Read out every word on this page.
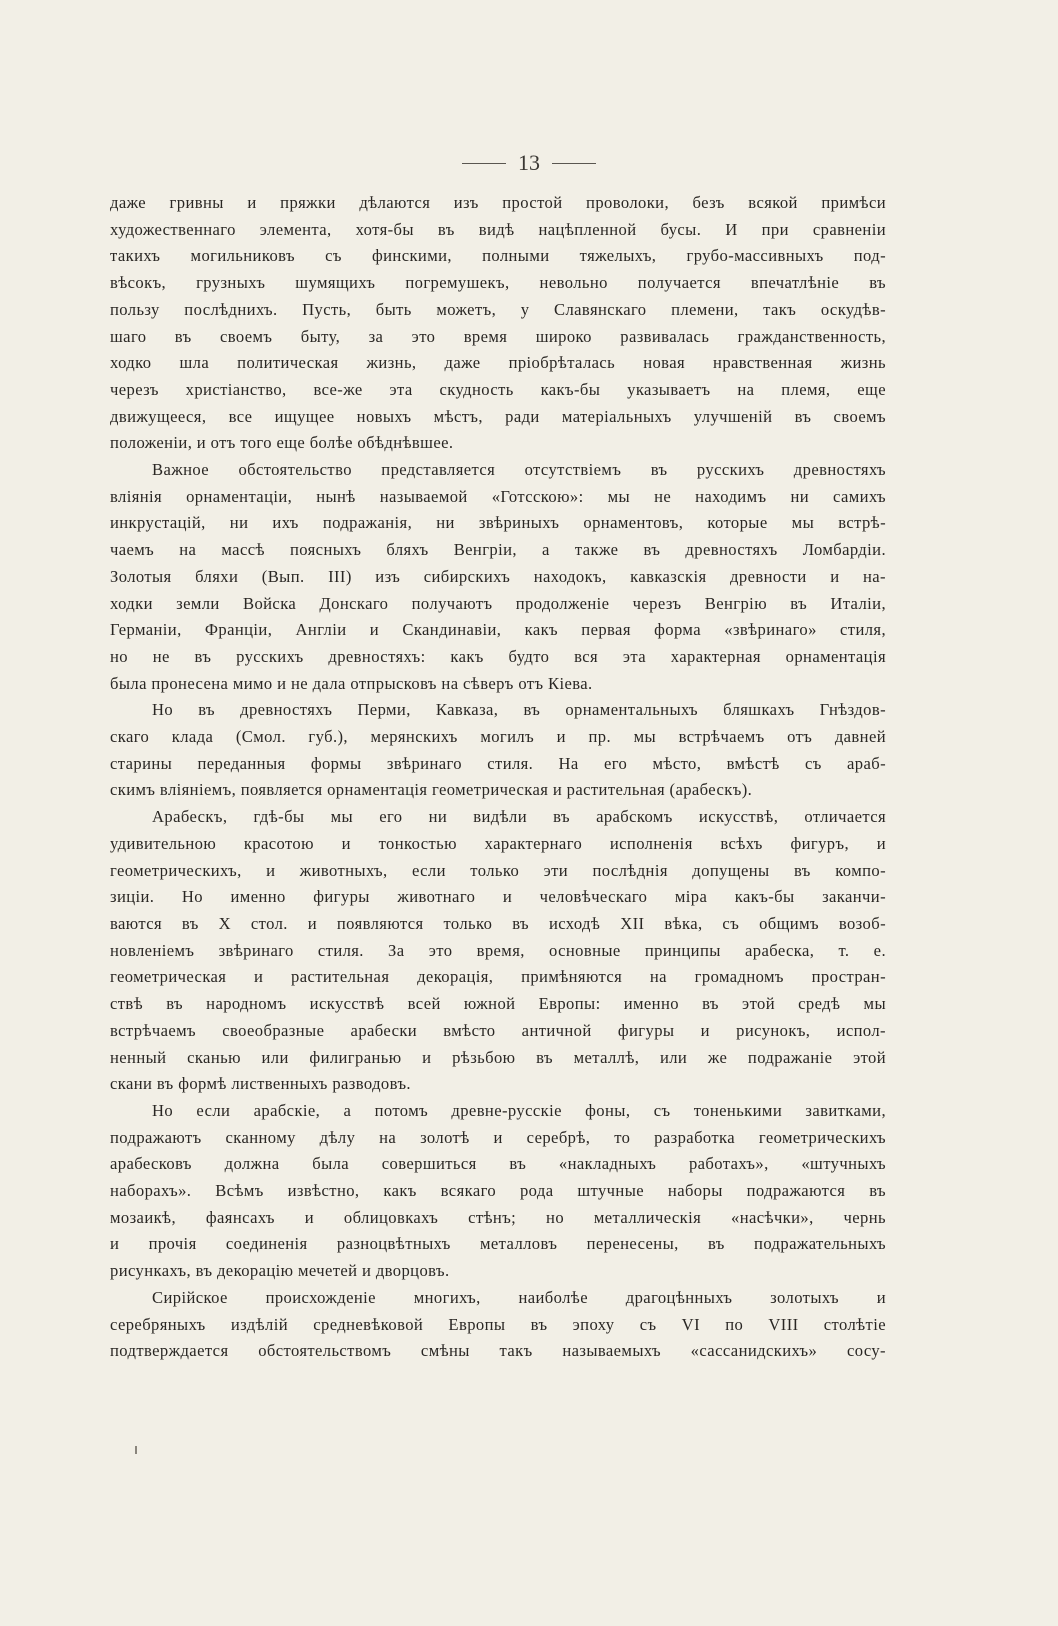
13

даже гривны и пряжки дѣлаются изъ простой проволоки, безъ всякой примѣси

художественнаго элемента, хотя-бы въ видѣ нацѣпленной бусы. И при сравненіи

такихъ могильниковъ съ финскими, полными тяжелыхъ, грубо-массивныхъ под-

вѣсокъ, грузныхъ шумящихъ погремушекъ, невольно получается впечатлѣніе въ

пользу послѣднихъ. Пусть, быть можетъ, у Славянскаго племени, такъ оскудѣв-

шаго въ своемъ быту, за это время широко развивалась гражданственность,

ходко шла политическая жизнь, даже пріобрѣталась новая нравственная жизнь

черезъ христіанство, все-же эта скудность какъ-бы указываетъ на племя, еще

движущееся, все ищущее новыхъ мѣстъ, ради матеріальныхъ улучшеній въ своемъ

положеніи, и отъ того еще болѣе обѣднѣвшее.

Важное обстоятельство представляется отсутствіемъ въ русскихъ древностяхъ

вліянія орнаментаціи, нынѣ называемой «Готсскою»: мы не находимъ ни самихъ

инкрустацій, ни ихъ подражанія, ни звѣриныхъ орнаментовъ, которые мы встрѣ-

чаемъ на массѣ поясныхъ бляхъ Венгріи, а также въ древностяхъ Ломбардіи.

Золотыя бляхи (Вып. III) изъ сибирскихъ находокъ, кавказскія древности и на-

ходки земли Войска Донскаго получаютъ продолженіе черезъ Венгрію въ Италіи,

Германіи, Франціи, Англіи и Скандинавіи, какъ первая форма «звѣринаго» стиля,

но не въ русскихъ древностяхъ: какъ будто вся эта характерная орнаментація

была пронесена мимо и не дала отпрысковъ на сѣверъ отъ Кіева.

Но въ древностяхъ Перми, Кавказа, въ орнаментальныхъ бляшкахъ Гнѣздов-

скаго клада (Смол. губ.), мерянскихъ могилъ и пр. мы встрѣчаемъ отъ давней

старины переданныя формы звѣринаго стиля. На его мѣсто, вмѣстѣ съ араб-

скимъ вліяніемъ, появляется орнаментація геометрическая и растительная (арабескъ).

Арабескъ, гдѣ-бы мы его ни видѣли въ арабскомъ искусствѣ, отличается

удивительною красотою и тонкостью характернаго исполненія всѣхъ фигуръ, и

геометрическихъ, и животныхъ, если только эти послѣднія допущены въ компо-

зиціи. Но именно фигуры животнаго и человѣческаго міра какъ-бы заканчи-

ваются въ X стол. и появляются только въ исходѣ XII вѣка, съ общимъ возоб-

новленіемъ звѣринаго стиля. За это время, основные принципы арабеска, т. е.

геометрическая и растительная декорація, примѣняются на громадномъ простран-

ствѣ въ народномъ искусствѣ всей южной Европы: именно въ этой средѣ мы

встрѣчаемъ своеобразные арабески вмѣсто античной фигуры и рисунокъ, испол-

ненный сканью или филигранью и рѣзьбою въ металлѣ, или же подражаніе этой

скани въ формѣ лиственныхъ разводовъ.

Но если арабскіе, а потомъ древне-русскіе фоны, съ тоненькими завитками,

подражаютъ сканному дѣлу на золотѣ и серебрѣ, то разработка геометрическихъ

арабесковъ должна была совершиться въ «накладныхъ работахъ», «штучныхъ

наборахъ». Всѣмъ извѣстно, какъ всякаго рода штучные наборы подражаются въ

мозаикѣ, фаянсахъ и облицовкахъ стѣнъ; но металлическія «насѣчки», чернь

и прочія соединенія разноцвѣтныхъ металловъ перенесены, въ подражательныхъ

рисункахъ, въ декорацію мечетей и дворцовъ.

Сирійское происхожденіе многихъ, наиболѣе драгоцѣнныхъ золотыхъ и

серебряныхъ издѣлій средневѣковой Европы въ эпоху съ VI по VIII столѣтіе

подтверждается обстоятельствомъ смѣны такъ называемыхъ «сассанидскихъ» сосу-
